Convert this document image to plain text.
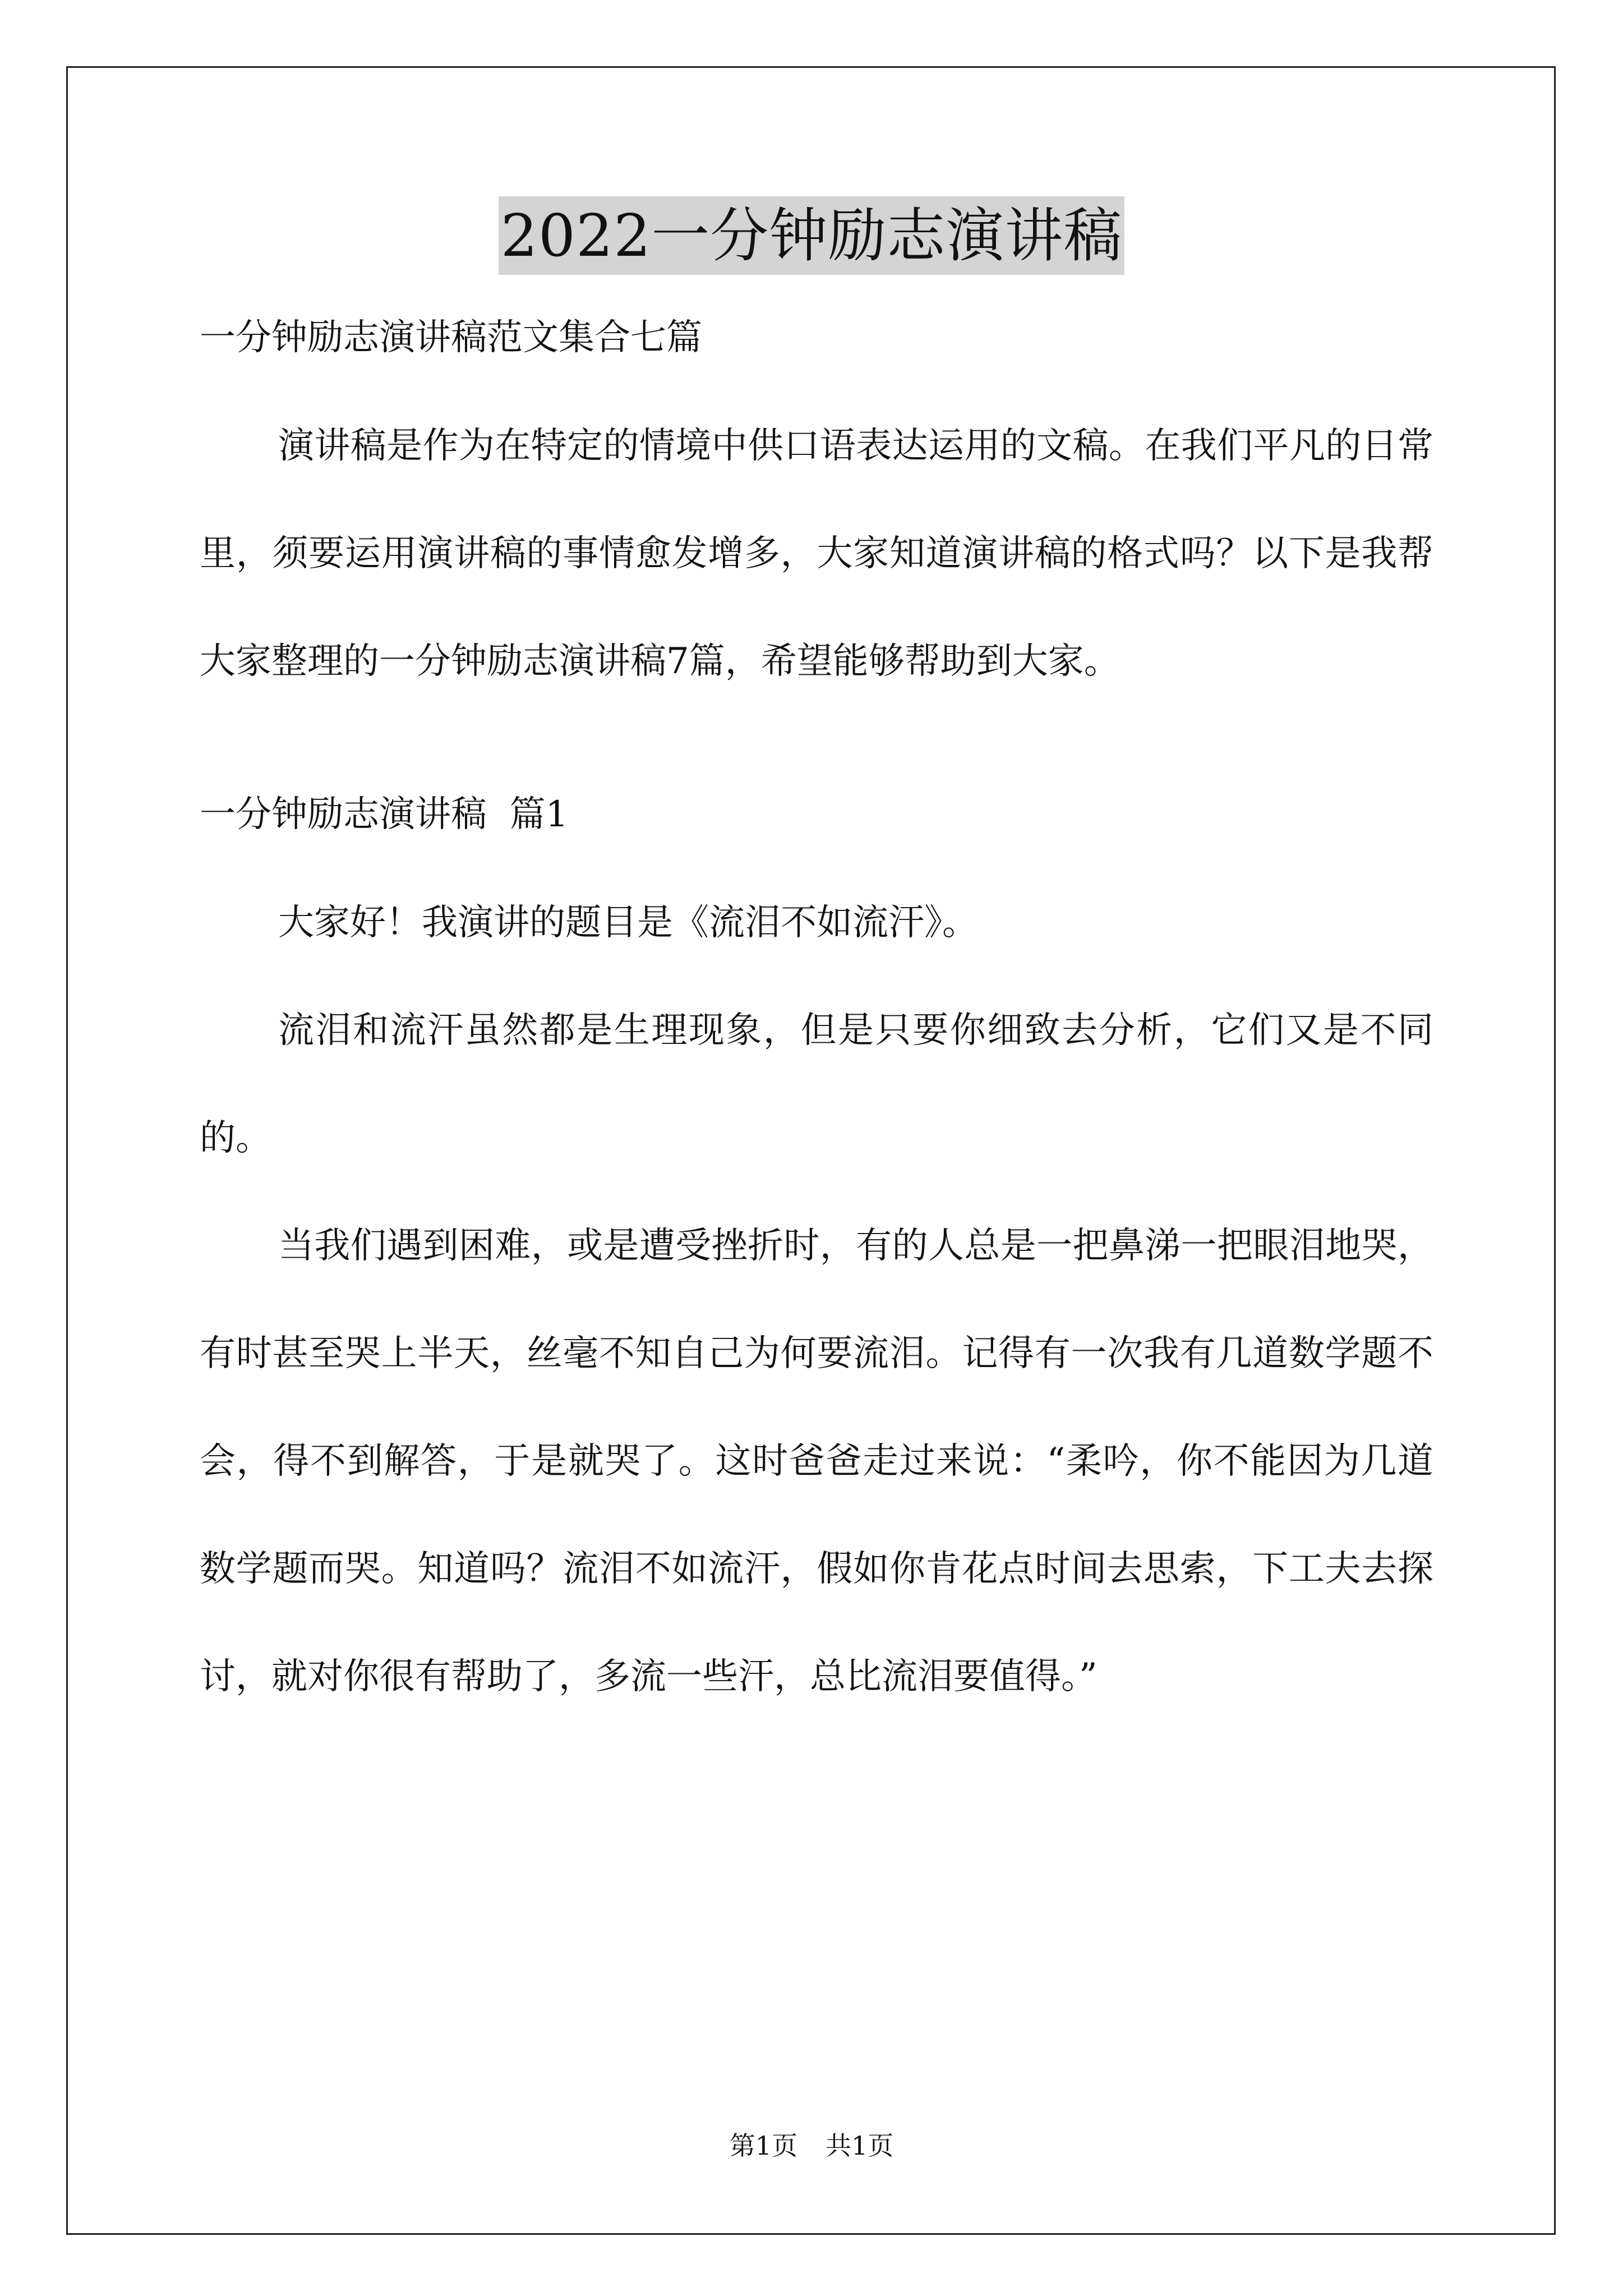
2022一分钟励志演讲稿

一分钟励志演讲稿范文集合七篇

演讲稿是作为在特定的情境中供口语表达运用的文稿。在我们平凡的日常里，须要运用演讲稿的事情愈发增多，大家知道演讲稿的格式吗？以下是我帮大家整理的一分钟励志演讲稿7篇，希望能够帮助到大家。

一分钟励志演讲稿  篇1

大家好！我演讲的题目是《流泪不如流汗》。

流泪和流汗虽然都是生理现象，但是只要你细致去分析，它们又是不同的。

当我们遇到困难，或是遭受挫折时，有的人总是一把鼻涕一把眼泪地哭，有时甚至哭上半天，丝毫不知自己为何要流泪。记得有一次我有几道数学题不会，得不到解答，于是就哭了。这时爸爸走过来说：“柔吟，你不能因为几道数学题而哭。知道吗？流泪不如流汗，假如你肯花点时间去思索，下工夫去探讨，就对你很有帮助了，多流一些汗，总比流泪要值得。”

第1页 共1页
